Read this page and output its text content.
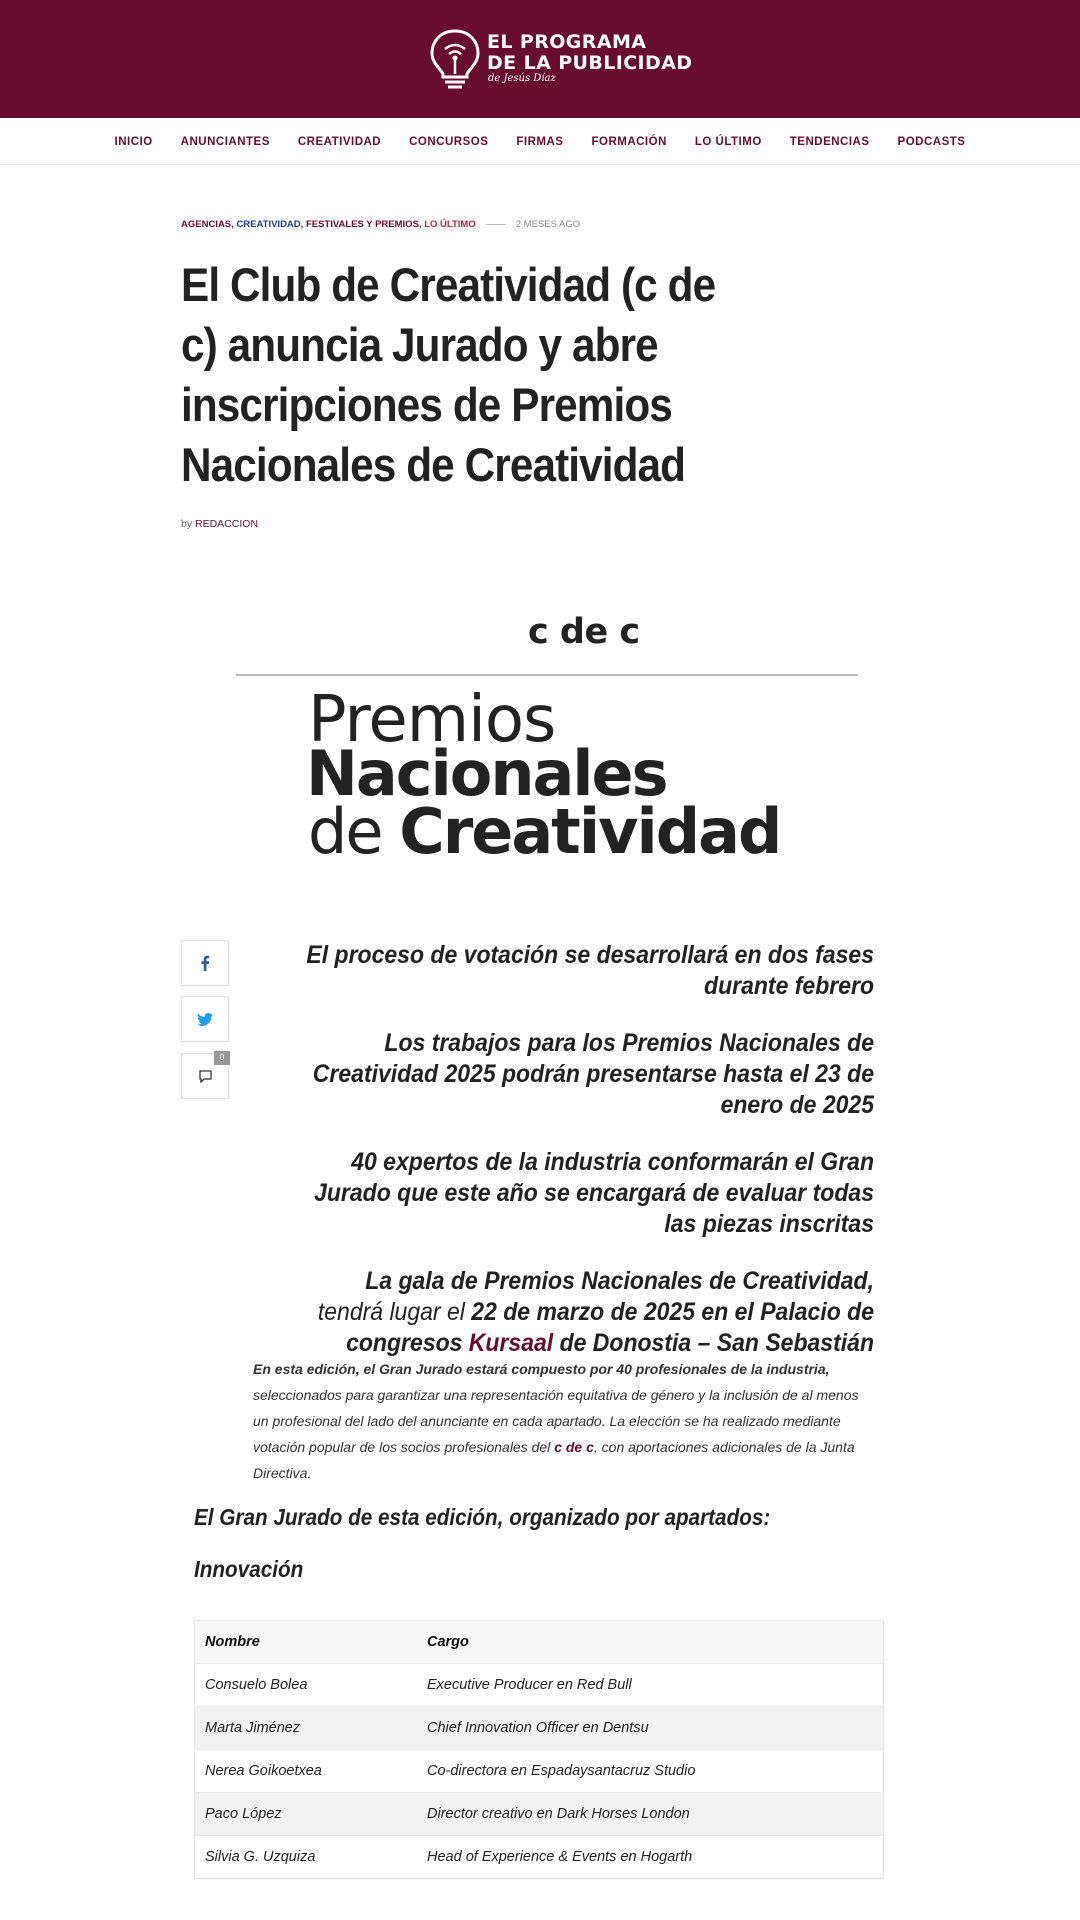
EL PROGRAMA
DE LA PUBLICIDAD
de Jesús Díaz
INICIO ANUNCIANTES CREATIVIDAD CONCURSOS FIRMAS FORMACIÓN LO ÚLTIMO TENDENCIAS PODCASTS
AGENCIAS, CREATIVIDAD, FESTIVALES Y PREMIOS, LO ÚLTIMO	2 MESES AGO
El Club de Creatividad (c de c) anuncia Jurado y abre inscripciones de Premios Nacionales de Creatividad
by REDACCION
c de c
Premios
Nacionales
de Creatividad
0

El proceso de votación se desarrollará en dos fases durante febrero

Los trabajos para los Premios Nacionales de Creatividad 2025 podrán presentarse hasta el 23 de enero de 2025

40 expertos de la industria conformarán el Gran Jurado que este año se encargará de evaluar todas las piezas inscritas

La gala de Premios Nacionales de Creatividad, tendrá lugar el 22 de marzo de 2025 en el Palacio de congresos Kursaal de Donostia – San Sebastián

En esta edición, el Gran Jurado estará compuesto por 40 profesionales de la industria, seleccionados para garantizar una representación equitativa de género y la inclusión de al menos un profesional del lado del anunciante en cada apartado. La elección se ha realizado mediante votación popular de los socios profesionales del c de c, con aportaciones adicionales de la Junta Directiva.

El Gran Jurado de esta edición, organizado por apartados:
Innovación
Nombre	Cargo
Consuelo Bolea	Executive Producer en Red Bull
Marta Jiménez	Chief Innovation Officer en Dentsu
Nerea Goikoetxea	Co-directora en Espadaysantacruz Studio
Paco López	Director creativo en Dark Horses London
Silvia G. Uzquiza	Head of Experience & Events en Hogarth
